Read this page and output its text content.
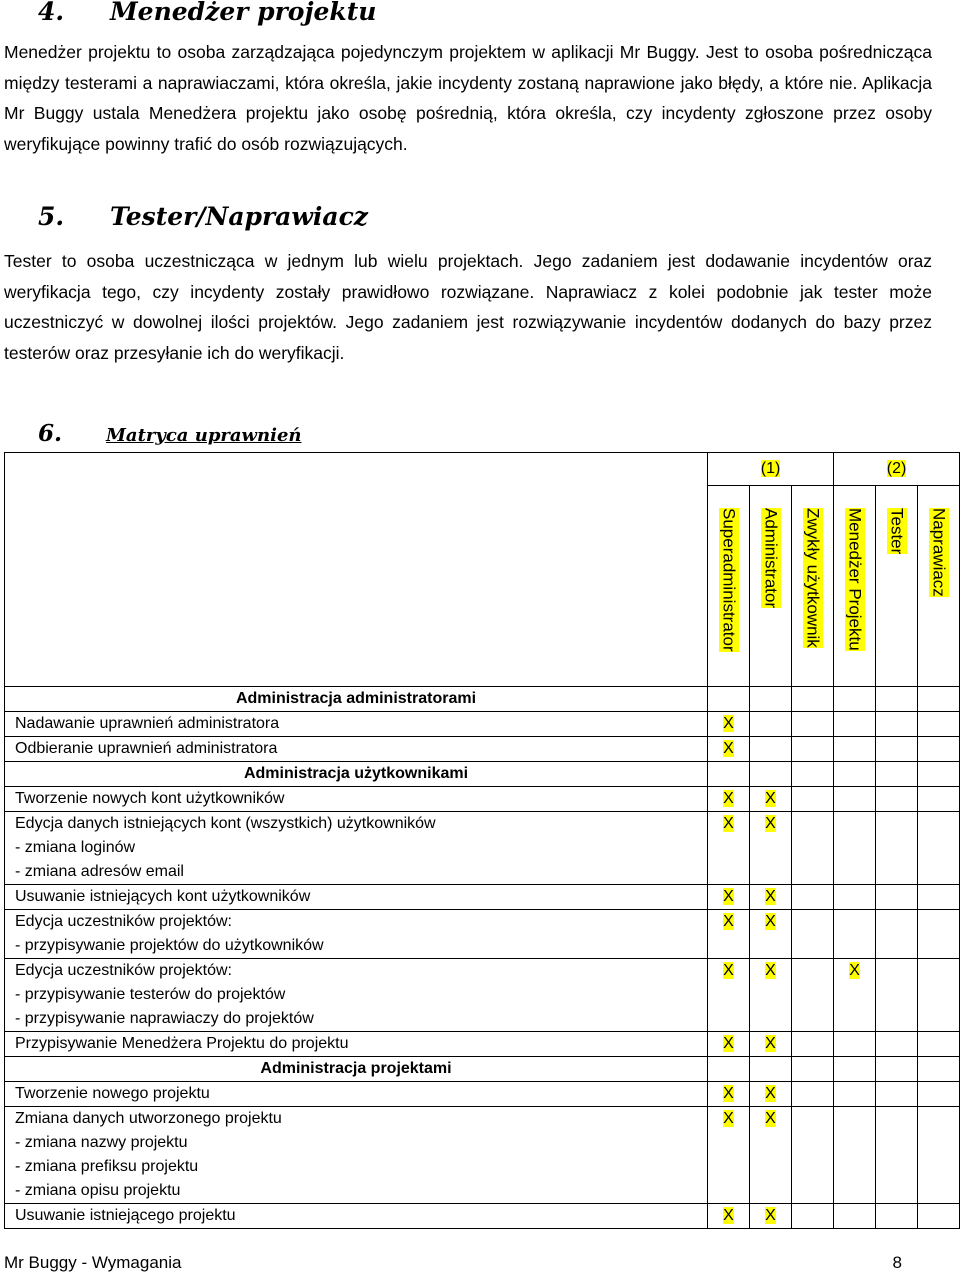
4. Menedżer projektu

Menedżer projektu to osoba zarządzająca pojedynczym projektem w aplikacji Mr Buggy. Jest to osoba pośrednicząca między testerami a naprawiaczami, która określa, jakie incydenty zostaną naprawione jako błędy, a które nie. Aplikacja Mr Buggy ustala Menedżera projektu jako osobę pośrednią, która określa, czy incydenty zgłoszone przez osoby weryfikujące powinny trafić do osób rozwiązujących.

5. Tester/Naprawiacz

Tester to osoba uczestnicząca w jednym lub wielu projektach. Jego zadaniem jest dodawanie incydentów oraz weryfikacja tego, czy incydenty zostały prawidłowo rozwiązane. Naprawiacz z kolei podobnie jak tester może uczestniczyć w dowolnej ilości projektów. Jego zadaniem jest rozwiązywanie incydentów dodanych do bazy przez testerów oraz przesyłanie ich do weryfikacji.

6. Matryca uprawnień
	(1)			(2)		

	Superadministrator	Administrator	Zwykły użytkownik	Menedżer Projektu	Tester	Naprawiacz

Administracja administratorami						

Nadawanie uprawnień administratora	X					

Odbieranie uprawnień administratora	X					
Administracja użytkownikami						

Tworzenie nowych kont użytkowników	X	X				

Edycja danych istniejących kont (wszystkich) użytkowników
- zmiana loginów
- zmiana adresów email	X	X				

Usuwanie istniejących kont użytkowników	X	X				

Edycja uczestników projektów:
- przypisywanie projektów do użytkowników	X	X				

Edycja uczestników projektów:
- przypisywanie testerów do projektów
- przypisywanie naprawiaczy do projektów	X	X		X		

Przypisywanie Menedżera Projektu do projektu	X	X				
Administracja projektami						

Tworzenie nowego projektu	X	X				

Zmiana danych utworzonego projektu
- zmiana nazwy projektu
- zmiana prefiksu projektu
- zmiana opisu projektu	X	X				

Usuwanie istniejącego projektu	X	X				
Mr Buggy - Wymagania	8
